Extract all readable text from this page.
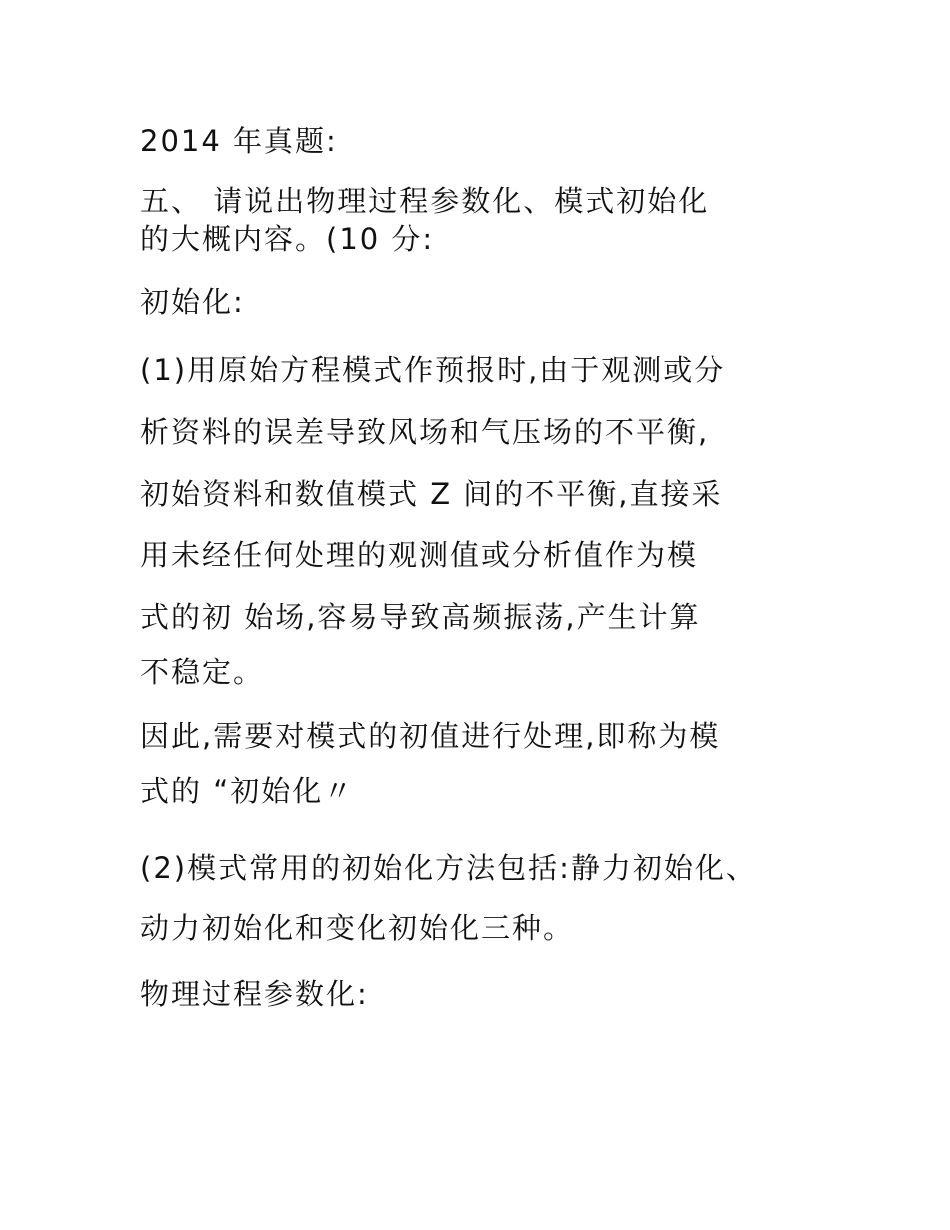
2014 年真题:
五、 请说出物理过程参数化、模式初始化
的大概内容。(10 分:
初始化:
(1)用原始方程模式作预报时,由于观测或分
析资料的误差导致风场和气压场的不平衡,
初始资料和数值模式 Z 间的不平衡,直接采
用未经任何处理的观测值或分析值作为模
式的初 始场,容易导致高频振荡,产生计算
不稳定。
因此,需要对模式的初值进行处理,即称为模
式的 “初始化〃
(2)模式常用的初始化方法包括:静力初始化、
动力初始化和变化初始化三种。
物理过程参数化:
